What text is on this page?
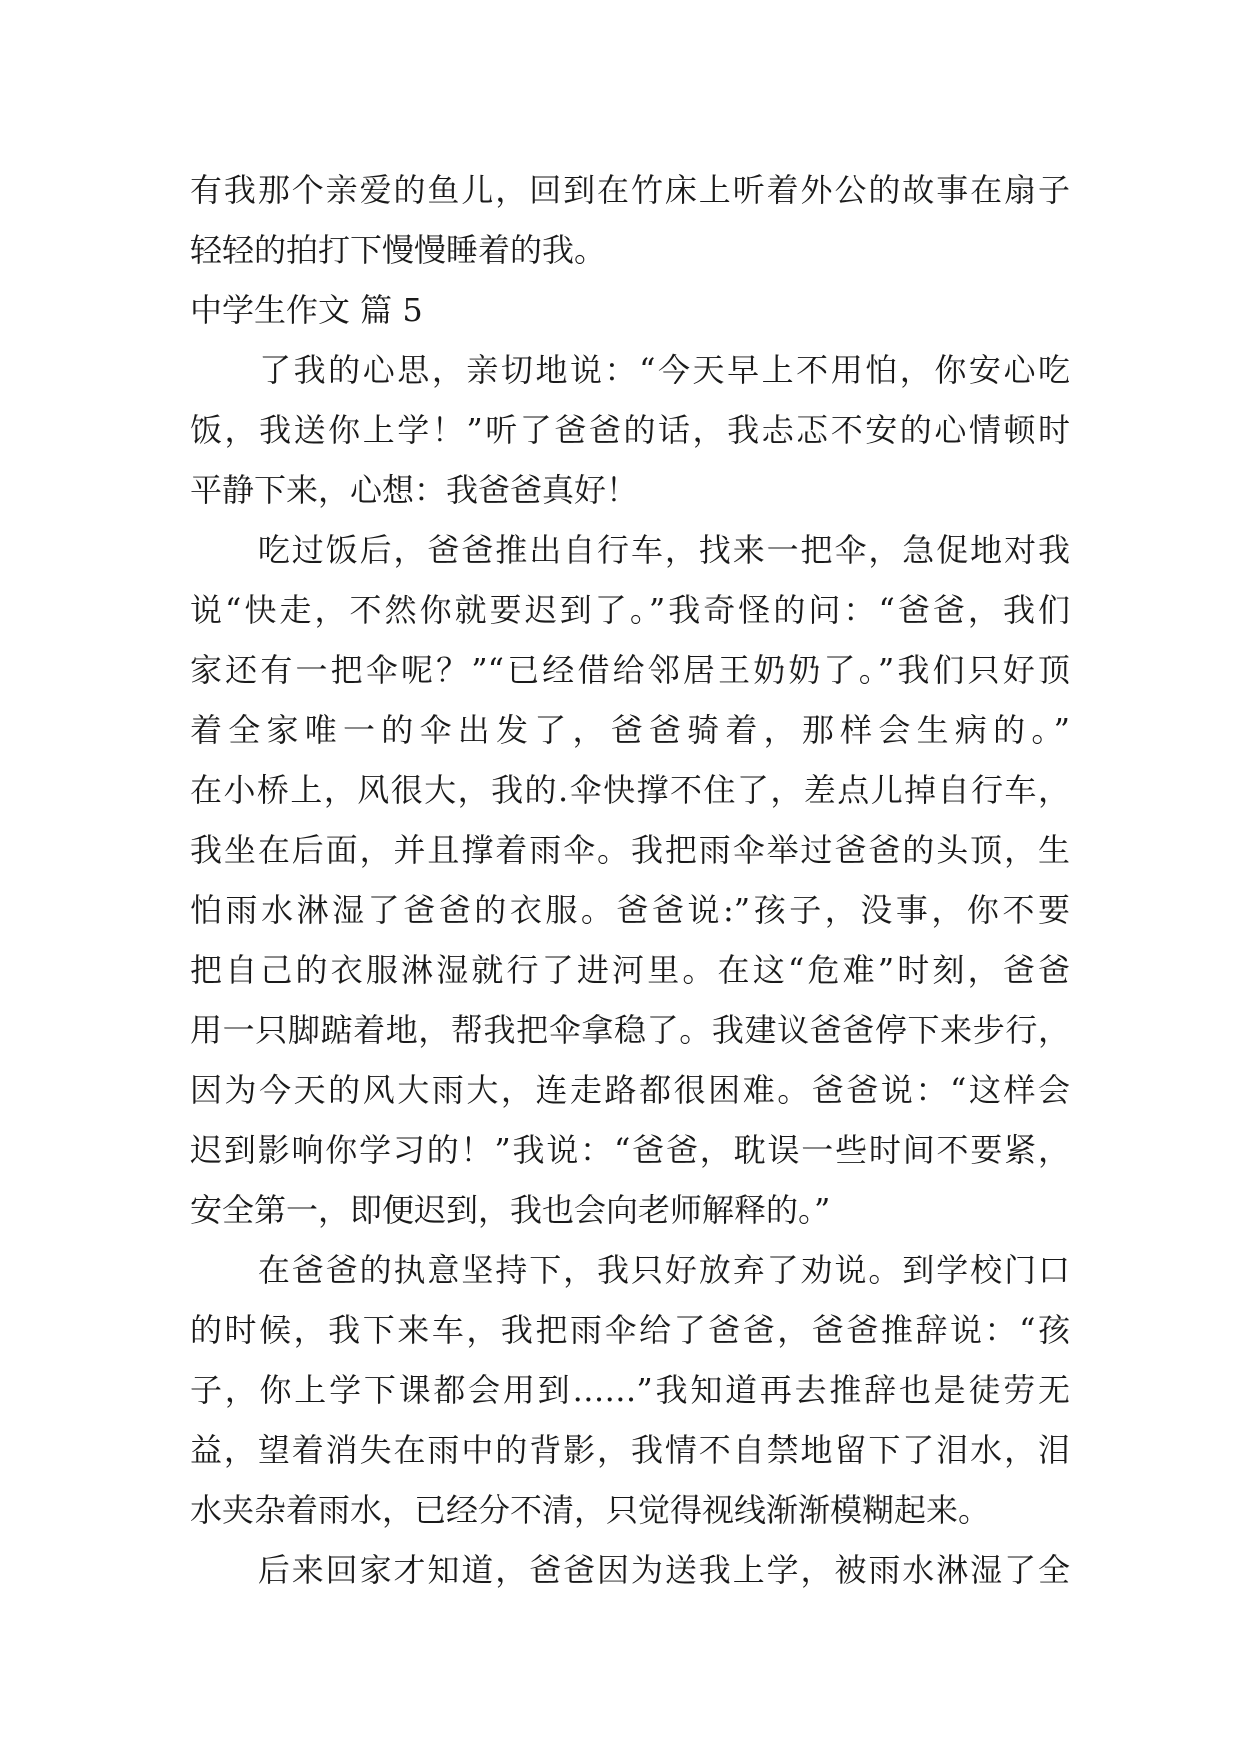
有我那个亲爱的鱼儿，回到在竹床上听着外公的故事在扇子
轻轻的拍打下慢慢睡着的我。
中学生作文 篇 5
　　了我的心思，亲切地说：“今天早上不用怕，你安心吃
饭，我送你上学！”听了爸爸的话，我忐忑不安的心情顿时
平静下来，心想：我爸爸真好！
　　吃过饭后，爸爸推出自行车，找来一把伞，急促地对我
说“快走，不然你就要迟到了。”我奇怪的问：“爸爸，我们
家还有一把伞呢？”“已经借给邻居王奶奶了。”我们只好顶
着全家唯一的伞出发了，爸爸骑着，那样会生病的。”
在小桥上，风很大，我的.伞快撑不住了，差点儿掉自行车，
我坐在后面，并且撑着雨伞。我把雨伞举过爸爸的头顶，生
怕雨水淋湿了爸爸的衣服。爸爸说:”孩子，没事，你不要
把自己的衣服淋湿就行了进河里。在这“危难”时刻，爸爸
用一只脚踮着地，帮我把伞拿稳了。我建议爸爸停下来步行，
因为今天的风大雨大，连走路都很困难。爸爸说：“这样会
迟到影响你学习的！”我说：“爸爸，耽误一些时间不要紧，
安全第一，即便迟到，我也会向老师解释的。”
　　在爸爸的执意坚持下，我只好放弃了劝说。到学校门口
的时候，我下来车，我把雨伞给了爸爸，爸爸推辞说：“孩
子，你上学下课都会用到……”我知道再去推辞也是徒劳无
益，望着消失在雨中的背影，我情不自禁地留下了泪水，泪
水夹杂着雨水，已经分不清，只觉得视线渐渐模糊起来。
　　后来回家才知道，爸爸因为送我上学，被雨水淋湿了全
